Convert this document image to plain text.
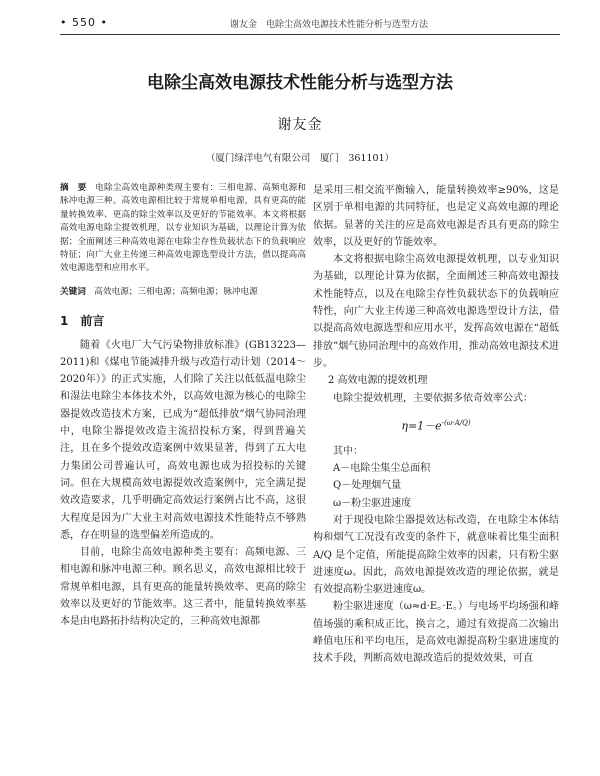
• 550 •	谢友金　电除尘高效电源技术性能分析与选型方法
电除尘高效电源技术性能分析与选型方法
谢友金
（厦门绿洋电气有限公司　厦门　361101）
摘　要　 电除尘高效电源种类现主要有：三相电源、高频电源和脉冲电源三种。高效电源相比较于常规单相电源，具有更高的能量转换效率、更高的除尘效率以及更好的节能效率。本文将根据高效电源电除尘提效机理，以专业知识为基础，以理论计算为依据；全面阐述三种高效电源在电除尘存性负载状态下的负载响应特征；向广大业主传递三种高效电源选型设计方法，借以提高高效电源选型和应用水平。
关键词　 高效电源；三相电源；高频电源；脉冲电源
1　前言

随着《火电厂大气污染物排放标准》(GB13223—2011)和《煤电节能减排升级与改造行动计划（2014～2020年）》的正式实施，人们除了关注以低低温电除尘和湿法电除尘本体技术外，以高效电源为核心的电除尘器提效改造技术方案，已成为“超低排放”烟气协同治理中，电除尘器提效改造主流招投标方案，得到普遍关注，且在多个提效改造案例中效果显著，得到了五大电力集团公司普遍认可，高效电源也成为招投标的关键词。但在大规模高效电源提效改造案例中，完全满足提效改造要求，几乎明确定高效运行案例占比不高，这很大程度是因为广大业主对高效电源技术性能特点不够熟悉，存在明显的选型偏差所造成的。

目前，电除尘高效电源种类主要有：高频电源、三相电源和脉冲电源三种。顾名思义，高效电源相比较于常规单相电源，具有更高的能量转换效率、更高的除尘效率以及更好的节能效率。这三者中，能量转换效率基本是由电路拓扑结构决定的，三种高效电源都

是采用三相交流平衡输入，能量转换效率≥90%，这是区别于单相电源的共同特征，也是定义高效电源的理论依据。显著的关注的应是高效电源是否具有更高的除尘效率，以及更好的节能效率。

本文将根据电除尘高效电源提效机理，以专业知识为基础，以理论计算为依据，全面阐述三种高效电源技术性能特点，以及在电除尘存性负载状态下的负载响应特性，向广大业主传递三种高效电源选型设计方法，借以提高高效电源选型和应用水平，发挥高效电源在“超低排放”烟气协同治理中的高效作用，推动高效电源技术进步。

2 高效电源的提效机理

电除尘提效机理，主要依据多依奇效率公式：

$\eta=1-e^{-(\omega\cdot A/Q)}$

其中：

A－电除尘集尘总面积
Q－处理烟气量
ω－粉尘驱进速度

对于现役电除尘器提效达标改造，在电除尘本体结构和烟气工况没有改变的条件下，就意味着比集尘面积 A/Q 是个定值，所能提高除尘效率的因素，只有粉尘驱进速度ω。因此，高效电源提效改造的理论依据，就是有效提高粉尘驱进速度ω。

粉尘驱进速度（ω≈d·E。·E。）与电场平均场强和峰值场强的乘积成正比，换言之，通过有效提高二次输出峰值电压和平均电压，是高效电源提高粉尘驱进速度的技术手段，判断高效电源改造后的提效效果，可直
